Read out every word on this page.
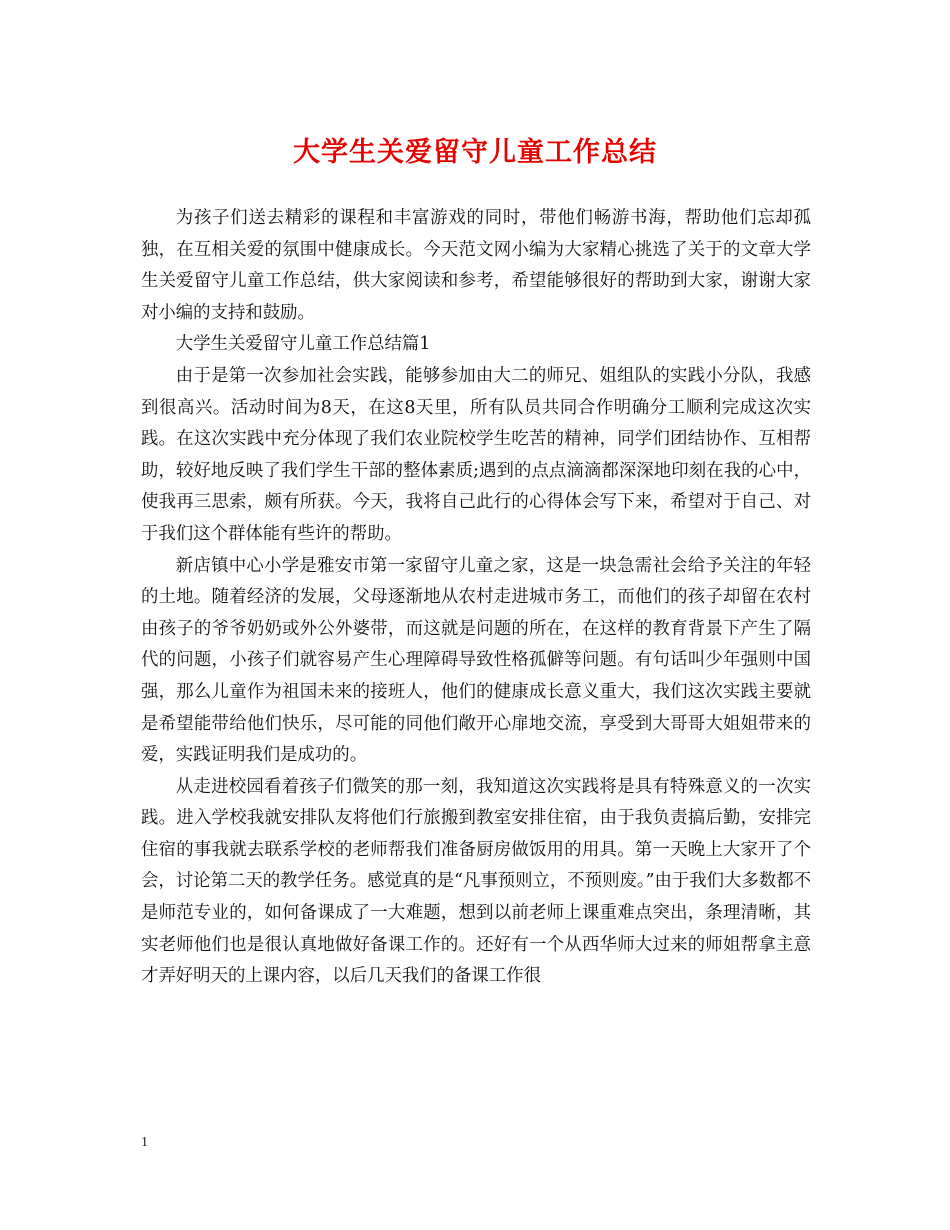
大学生关爱留守儿童工作总结

为孩子们送去精彩的课程和丰富游戏的同时，带他们畅游书海，帮助他们忘却孤独，在互相关爱的氛围中健康成长。今天范文网小编为大家精心挑选了关于的文章大学生关爱留守儿童工作总结，供大家阅读和参考，希望能够很好的帮助到大家，谢谢大家对小编的支持和鼓励。

大学生关爱留守儿童工作总结篇1

由于是第一次参加社会实践，能够参加由大二的师兄、姐组队的实践小分队，我感到很高兴。活动时间为8天，在这8天里，所有队员共同合作明确分工顺利完成这次实践。在这次实践中充分体现了我们农业院校学生吃苦的精神，同学们团结协作、互相帮助，较好地反映了我们学生干部的整体素质;遇到的点点滴滴都深深地印刻在我的心中，使我再三思索，颇有所获。今天，我将自己此行的心得体会写下来，希望对于自己、对于我们这个群体能有些许的帮助。

新店镇中心小学是雅安市第一家留守儿童之家，这是一块急需社会给予关注的年轻的土地。随着经济的发展，父母逐渐地从农村走进城市务工，而他们的孩子却留在农村由孩子的爷爷奶奶或外公外婆带，而这就是问题的所在，在这样的教育背景下产生了隔代的问题，小孩子们就容易产生心理障碍导致性格孤僻等问题。有句话叫少年强则中国强，那么儿童作为祖国未来的接班人，他们的健康成长意义重大，我们这次实践主要就是希望能带给他们快乐，尽可能的同他们敞开心扉地交流，享受到大哥哥大姐姐带来的爱，实践证明我们是成功的。

从走进校园看着孩子们微笑的那一刻，我知道这次实践将是具有特殊意义的一次实践。进入学校我就安排队友将他们行旅搬到教室安排住宿，由于我负责搞后勤，安排完住宿的事我就去联系学校的老师帮我们准备厨房做饭用的用具。第一天晚上大家开了个会，讨论第二天的教学任务。感觉真的是“凡事预则立，不预则废。”由于我们大多数都不是师范专业的，如何备课成了一大难题，想到以前老师上课重难点突出，条理清晰，其实老师他们也是很认真地做好备课工作的。还好有一个从西华师大过来的师姐帮拿主意才弄好明天的上课内容，以后几天我们的备课工作很

1
